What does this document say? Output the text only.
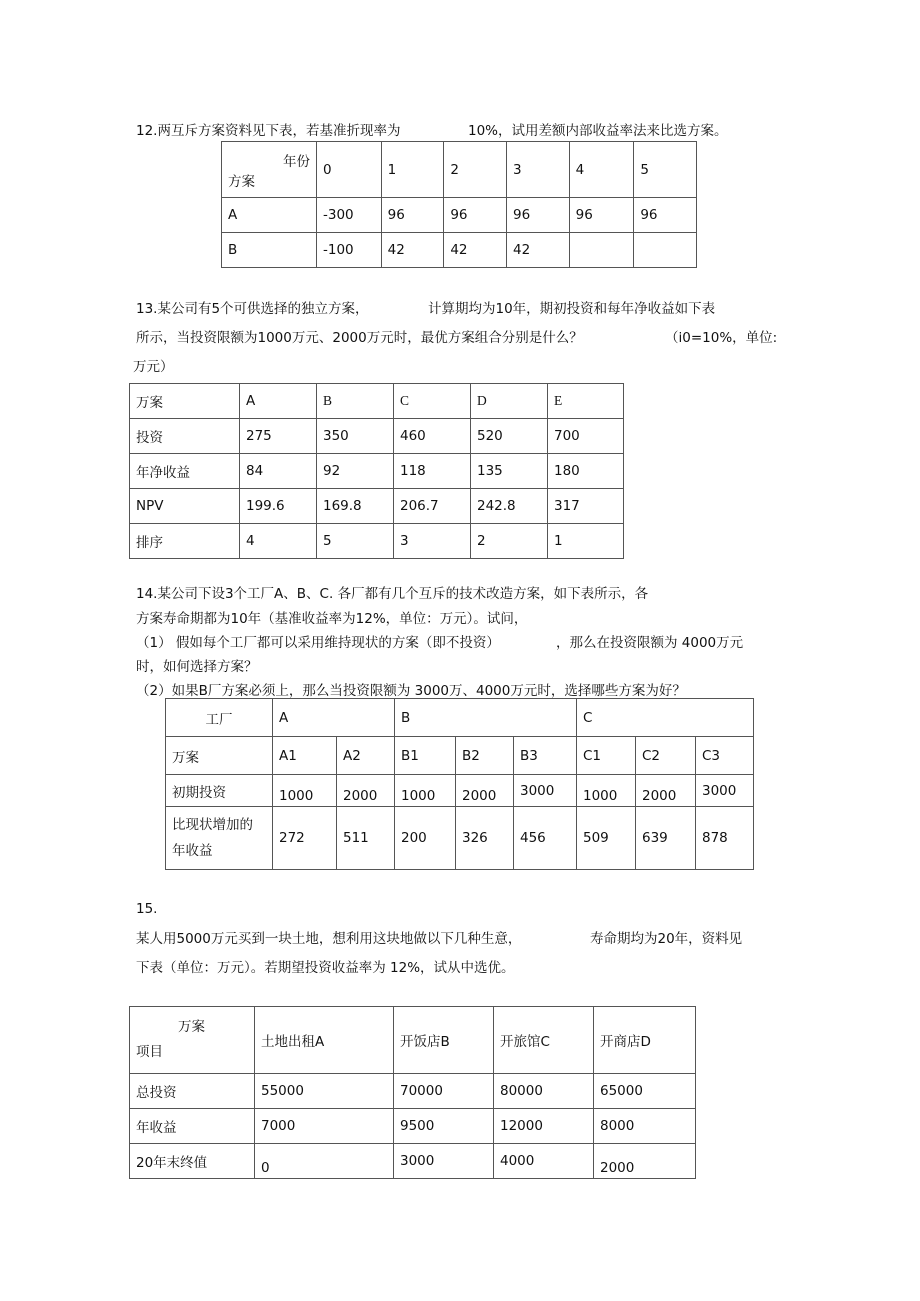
12.两互斥方案资料见下表，若基准折现率为	10%，试用差额内部收益率法来比选方案。
年份
方案	0	1	2	3	4	5
A	-300	96	96	96	96	96
B	-100	42	42	42		
13.某公司有5个可供选择的独立方案，	计算期均为10年，期初投资和每年净收益如下表
所示，当投资限额为1000万元、2000万元时，最优方案组合分别是什么？	（i0=10%，单位:
万元）
万案	A	B	C	D	E
投资	275	350	460	520	700
年净收益	84	92	118	135	180
NPV	199.6	169.8	206.7	242.8	317
排序	4	5	3	2	1
14.某公司下设3个工厂A、B、C. 各厂都有几个互斥的技术改造方案，如下表所示，各
方案寿命期都为10年（基准收益率为12%，单位：万元）。试问，
（1） 假如每个工厂都可以采用维持现状的方案（即不投资）	，那么在投资限额为 4000万元
时，如何选择方案？
（2）如果B厂方案必须上，那么当投资限额为 3000万、4000万元时，选择哪些方案为好？
工厂	A		B			C		
万案	A1	A2	B1	B2	B3	C1	C2	C3
初期投资	1000	2000	1000	2000	3000	1000	2000	3000

比现状增加的
年收益	272	511	200	326	456	509	639	878
15.
某人用5000万元买到一块土地，想利用这块地做以下几种生意，	寿命期均为20年，资料见
下表（单位：万元）。若期望投资收益率为 12%，试从中选优。
万案
项目	土地出租A	开饭店B	开旅馆C	开商店D
总投资	55000	70000	80000	65000
年收益	7000	9500	12000	8000
20年末终值	0	3000	4000	2000
